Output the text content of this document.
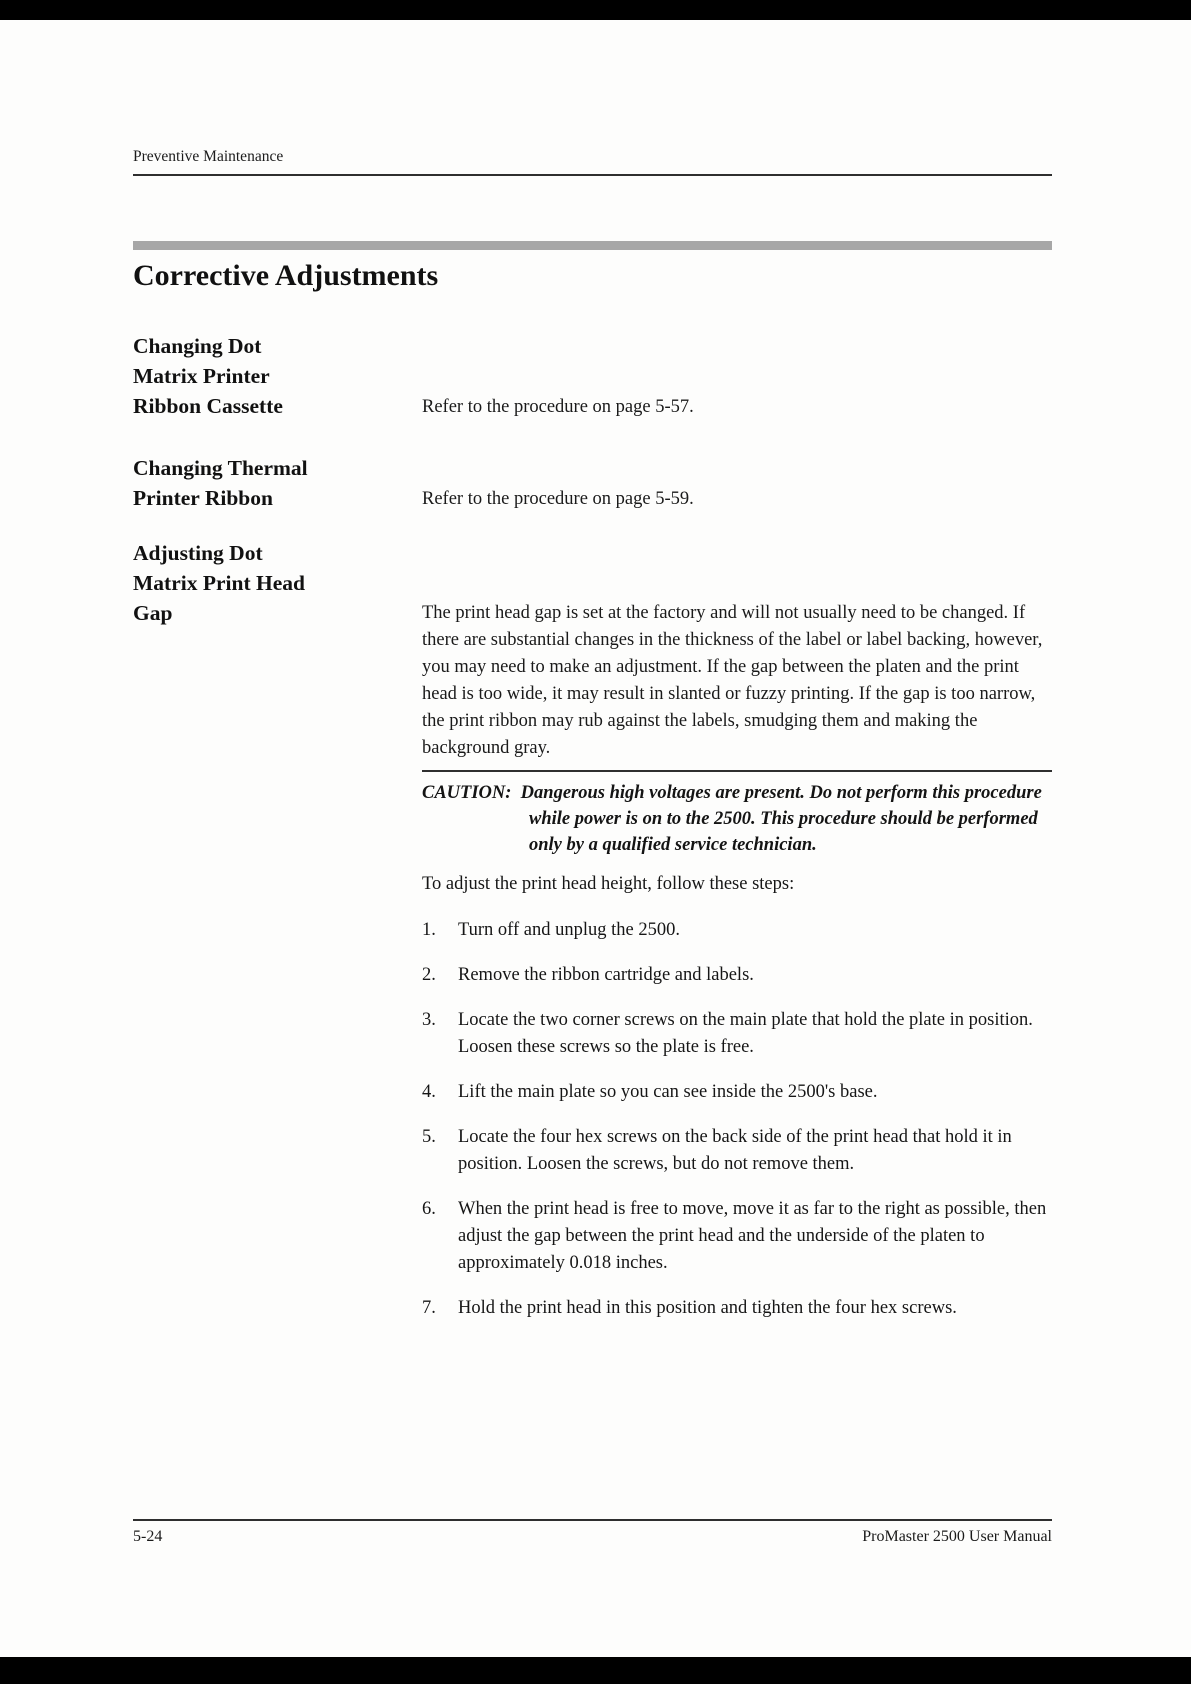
Preventive Maintenance
Corrective Adjustments
Changing Dot
Matrix Printer
Ribbon Cassette	Refer to the procedure on page 5-57.
Changing Thermal
Printer Ribbon	Refer to the procedure on page 5-59.
Adjusting Dot
Matrix Print Head
Gap	The print head gap is set at the factory and will not usually need to be changed. If there are substantial changes in the thickness of the label or label backing, however, you may need to make an adjustment. If the gap between the platen and the print head is too wide, it may result in slanted or fuzzy printing. If the gap is too narrow, the print ribbon may rub against the labels, smudging them and making the background gray.

CAUTION: Dangerous high voltages are present. Do not perform this procedure while power is on to the 2500. This procedure should be performed only by a qualified service technician.

To adjust the print head height, follow these steps:

1.	Turn off and unplug the 2500.
2.	Remove the ribbon cartridge and labels.
3.	Locate the two corner screws on the main plate that hold the plate in position. Loosen these screws so the plate is free.
4.	Lift the main plate so you can see inside the 2500's base.
5.	Locate the four hex screws on the back side of the print head that hold it in position. Loosen the screws, but do not remove them.
6.	When the print head is free to move, move it as far to the right as possible, then adjust the gap between the print head and the underside of the platen to approximately 0.018 inches.
7.	Hold the print head in this position and tighten the four hex screws.
5-24	ProMaster 2500 User Manual
